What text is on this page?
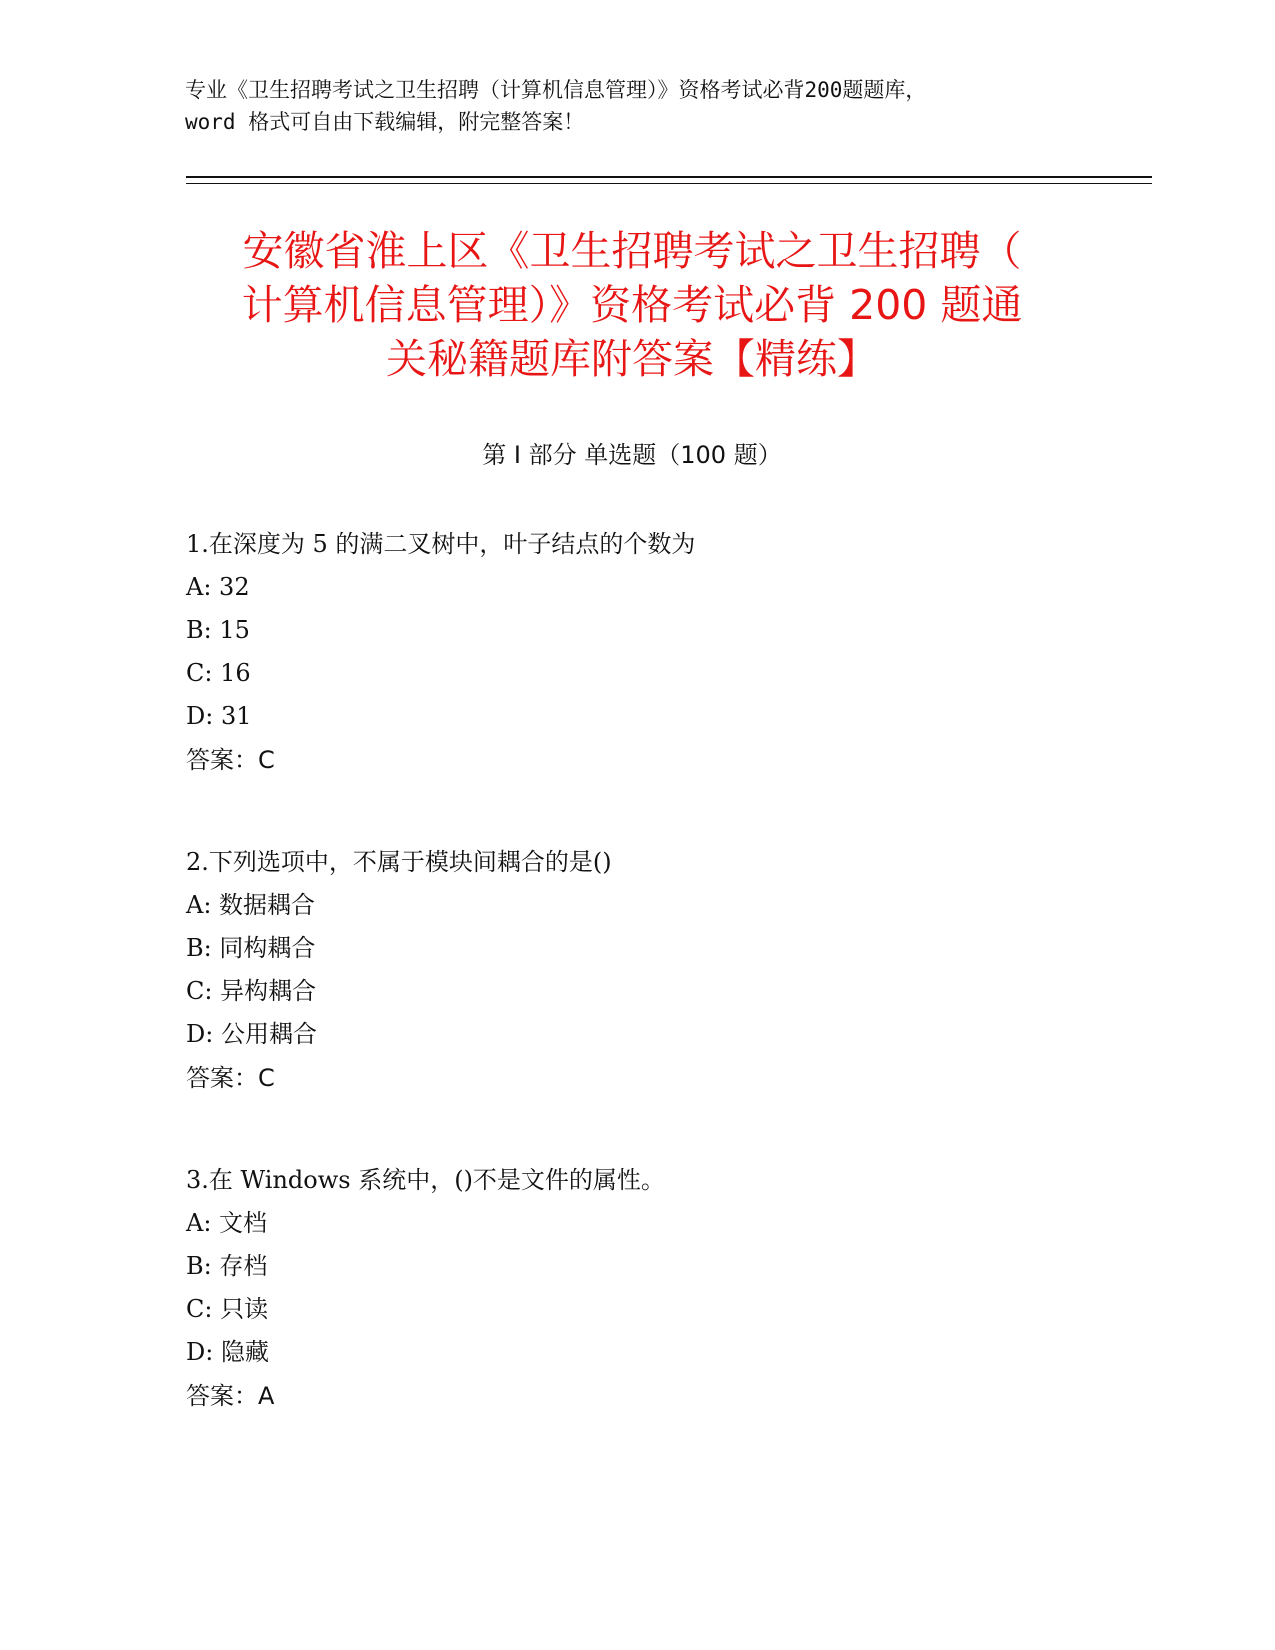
专业《卫生招聘考试之卫生招聘（计算机信息管理）》资格考试必背200题题库，
word 格式可自由下载编辑，附完整答案！
安徽省淮上区《卫生招聘考试之卫生招聘（
计算机信息管理）》资格考试必背 200 题通
关秘籍题库附答案【精练】
第 I 部分 单选题（100 题）
1.在深度为 5 的满二叉树中，叶子结点的个数为
A: 32
B: 15
C: 16
D: 31
答案：C
2.下列选项中，不属于模块间耦合的是()
A: 数据耦合
B: 同构耦合
C: 异构耦合
D: 公用耦合
答案：C
3.在 Windows 系统中，()不是文件的属性。
A: 文档
B: 存档
C: 只读
D: 隐藏
答案：A
